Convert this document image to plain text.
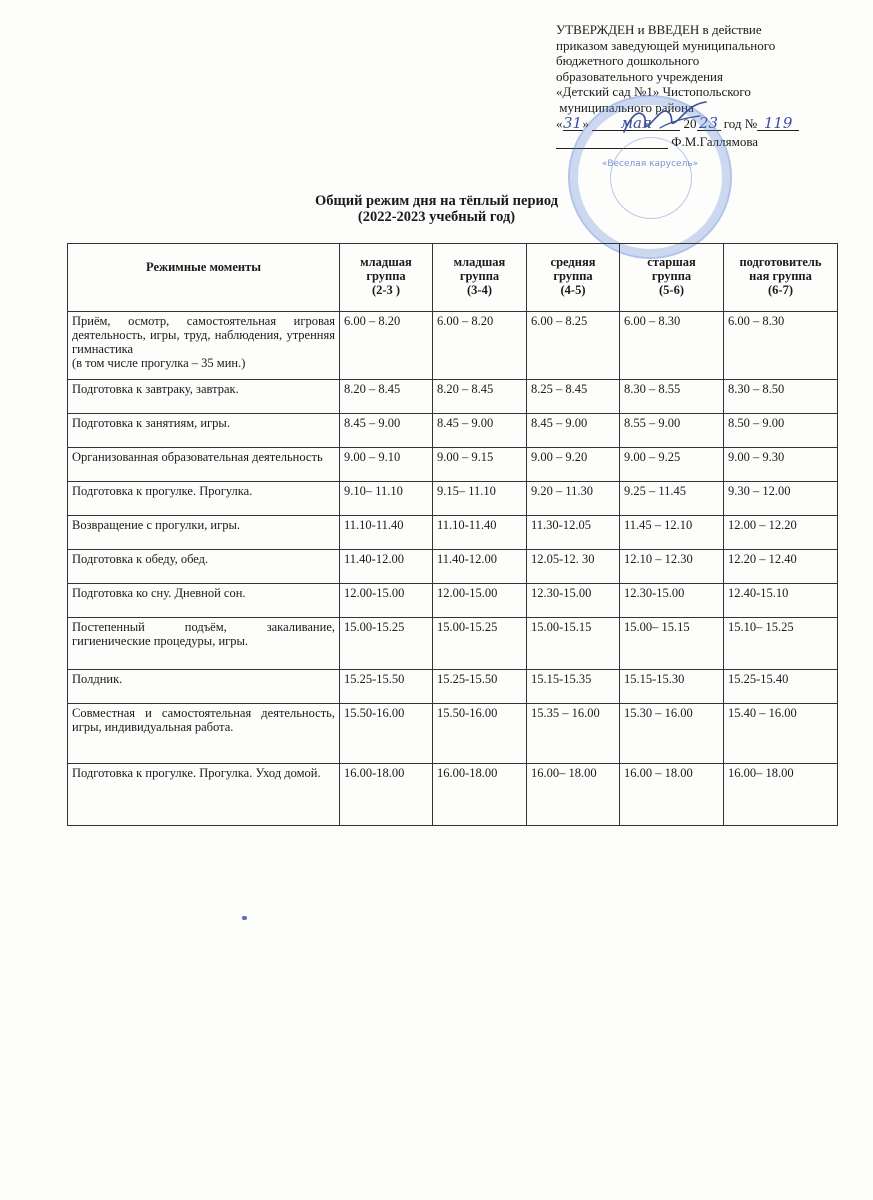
УТВЕРЖДЕН и ВВЕДЕН в действие
приказом заведующей муниципального
бюджетного дошкольного
образовательного учреждения
«Детский сад №1» Чистопольского
муниципального района
«31» мая 20 23 год № 119
Ф.М.Галлямова
«Веселая карусель»
Общий режим дня на тёплый период
(2022-2023 учебный год)
Режимные моменты	младшая
группа
(2-3 )	младшая
группа
(3-4)	средняя
группа
(4-5)	старшая
группа
(5-6)	подготовитель
ная группа
(6-7)
Приём, осмотр, самостоятельная игровая деятельность, игры, труд, наблюдения, утренняя гимнастика
(в том числе прогулка – 35 мин.)	6.00 – 8.20	6.00 – 8.20	6.00 – 8.25	6.00 – 8.30	6.00 – 8.30
Подготовка к завтраку, завтрак.	8.20 – 8.45	8.20 – 8.45	8.25 – 8.45	8.30 – 8.55	8.30 – 8.50
Подготовка к занятиям, игры.	8.45 – 9.00	8.45 – 9.00	8.45 – 9.00	8.55 – 9.00	8.50 – 9.00
Организованная образовательная деятельность	9.00 – 9.10	9.00 – 9.15	9.00 – 9.20	9.00 – 9.25	9.00 – 9.30
Подготовка к прогулке. Прогулка.	9.10– 11.10	9.15– 11.10	9.20 – 11.30	9.25 – 11.45	9.30 – 12.00
Возвращение с прогулки, игры.	11.10-11.40	11.10-11.40	11.30-12.05	11.45 – 12.10	12.00 – 12.20
Подготовка к обеду, обед.	11.40-12.00	11.40-12.00	12.05-12. 30	12.10 – 12.30	12.20 – 12.40
Подготовка ко сну. Дневной сон.	12.00-15.00	12.00-15.00	12.30-15.00	12.30-15.00	12.40-15.10
Постепенный подъём, закаливание, гигиенические процедуры, игры.	15.00-15.25	15.00-15.25	15.00-15.15	15.00– 15.15	15.10– 15.25
Полдник.	15.25-15.50	15.25-15.50	15.15-15.35	15.15-15.30	15.25-15.40
Совместная и самостоятельная деятельность, игры, индивидуальная работа.	15.50-16.00	15.50-16.00	15.35 – 16.00	15.30 – 16.00	15.40 – 16.00
Подготовка к прогулке. Прогулка. Уход домой.	16.00-18.00	16.00-18.00	16.00– 18.00	16.00 – 18.00	16.00– 18.00
